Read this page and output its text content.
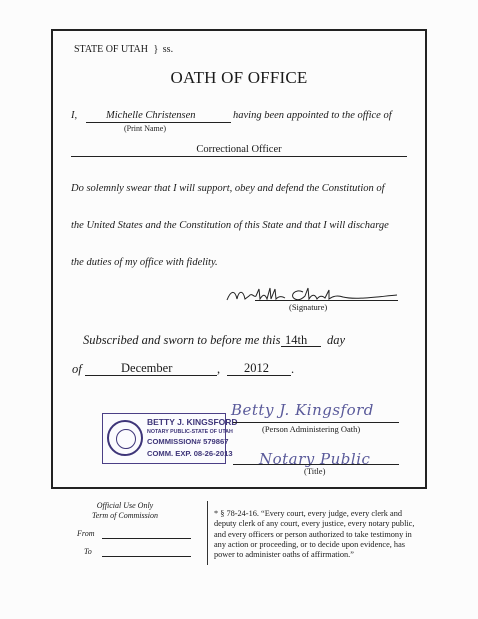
STATE OF UTAH } ss.
OATH OF OFFICE
I,	Michelle Christensen	having been appointed to the office of
(Print Name)
Correctional Officer
Do solemnly swear that I will support, obey and defend the Constitution of
the United States and the Constitution of this State and that I will discharge
the duties of my office with fidelity.
(Signature)
Subscribed and sworn to before me this 14th day
of	December	, 2012 .
BETTY J. KINGSFORD
NOTARY PUBLIC-STATE OF UTAH
COMMISSION# 579867
COMM. EXP. 08-26-2013
Betty J. Kingsford
(Person Administering Oath)
Notary Public
(Title)
Official Use Only
Term of Commission
From
To
* § 78-24-16. “Every court, every judge, every clerk and
deputy clerk of any court, every justice, every notary public,
and every officers or person authorized to take testimony in
any action or proceeding, or to decide upon evidence, has
power to administer oaths of affirmation.”
